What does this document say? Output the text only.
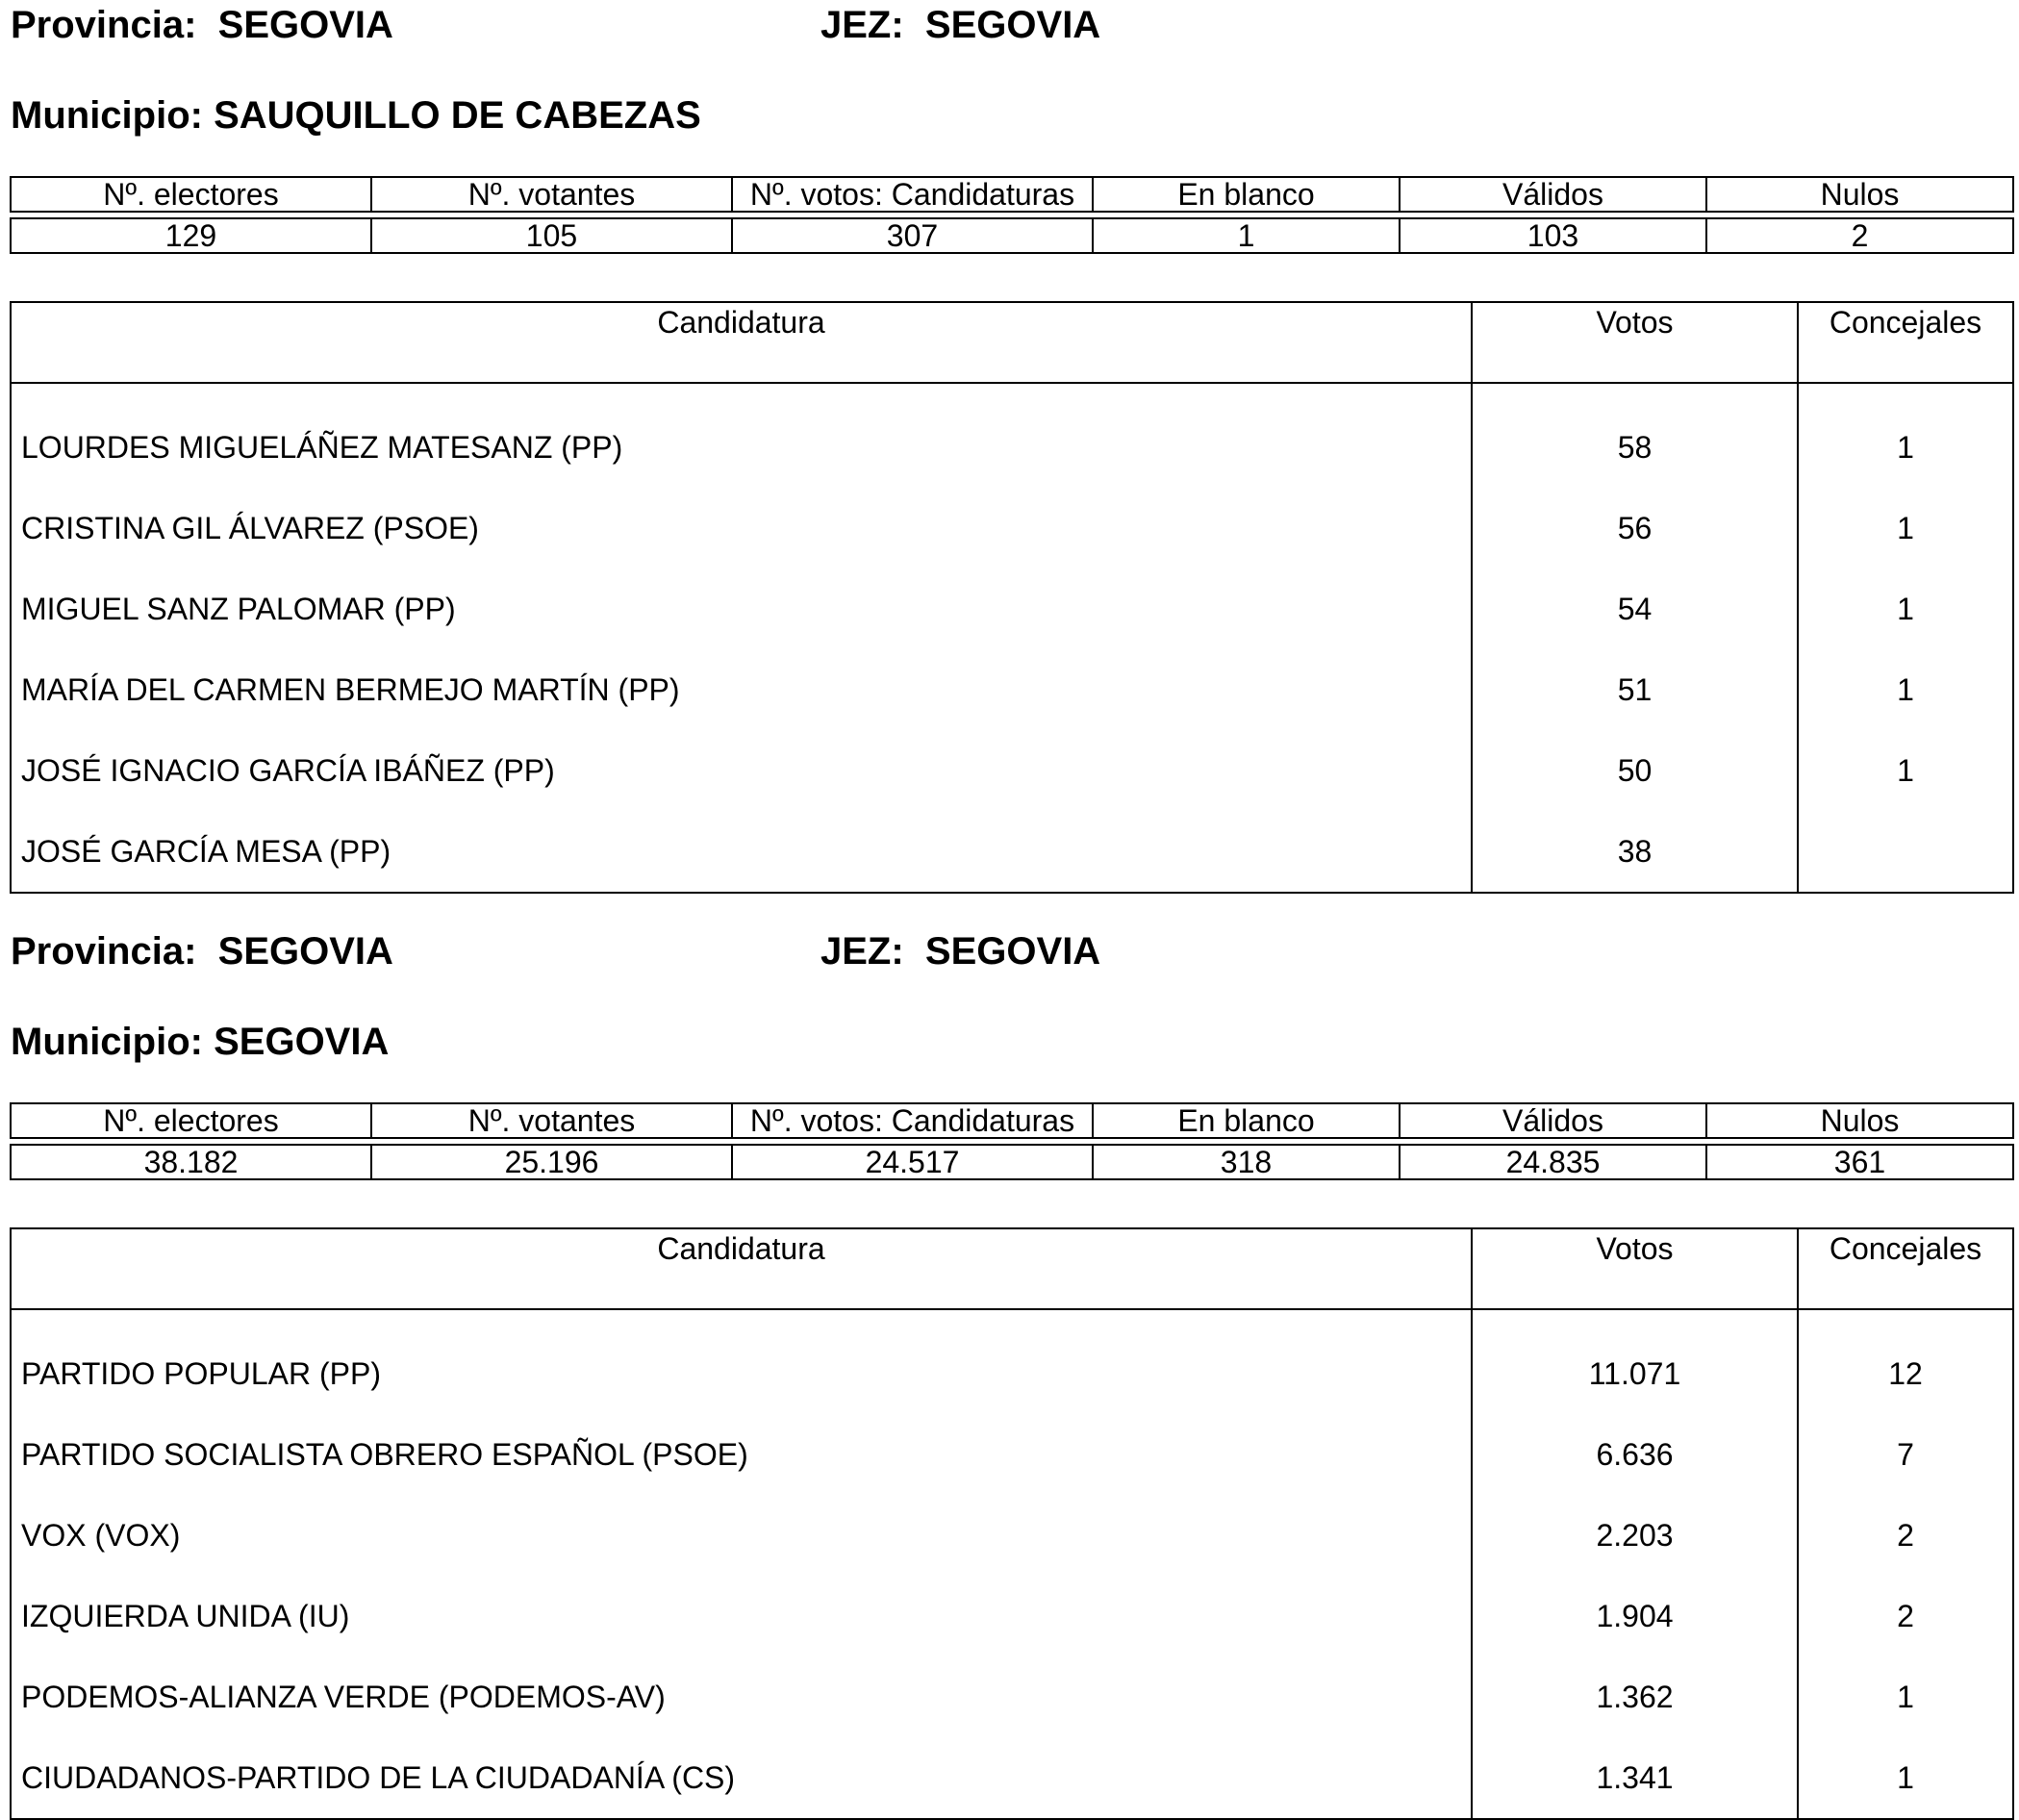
Provincia: SEGOVIA	JEZ: SEGOVIA
Municipio: SAUQUILLO DE CABEZAS
Nº. electores	Nº. votantes	Nº. votos: Candidaturas	En blanco	Válidos	Nulos
129	105	307	1	103	2
Candidatura	Votos	Concejales
LOURDES MIGUELÁÑEZ MATESANZ (PP)	58	1
CRISTINA GIL ÁLVAREZ (PSOE)	56	1
MIGUEL SANZ PALOMAR (PP)	54	1
MARÍA DEL CARMEN BERMEJO MARTÍN (PP)	51	1
JOSÉ IGNACIO GARCÍA IBÁÑEZ (PP)	50	1
JOSÉ GARCÍA MESA (PP)	38	
Provincia: SEGOVIA	JEZ: SEGOVIA
Municipio: SEGOVIA
Nº. electores	Nº. votantes	Nº. votos: Candidaturas	En blanco	Válidos	Nulos
38.182	25.196	24.517	318	24.835	361
Candidatura	Votos	Concejales
PARTIDO POPULAR (PP)	11.071	12
PARTIDO SOCIALISTA OBRERO ESPAÑOL (PSOE)	6.636	7
VOX (VOX)	2.203	2
IZQUIERDA UNIDA (IU)	1.904	2
PODEMOS-ALIANZA VERDE (PODEMOS-AV)	1.362	1
CIUDADANOS-PARTIDO DE LA CIUDADANÍA (CS)	1.341	1
